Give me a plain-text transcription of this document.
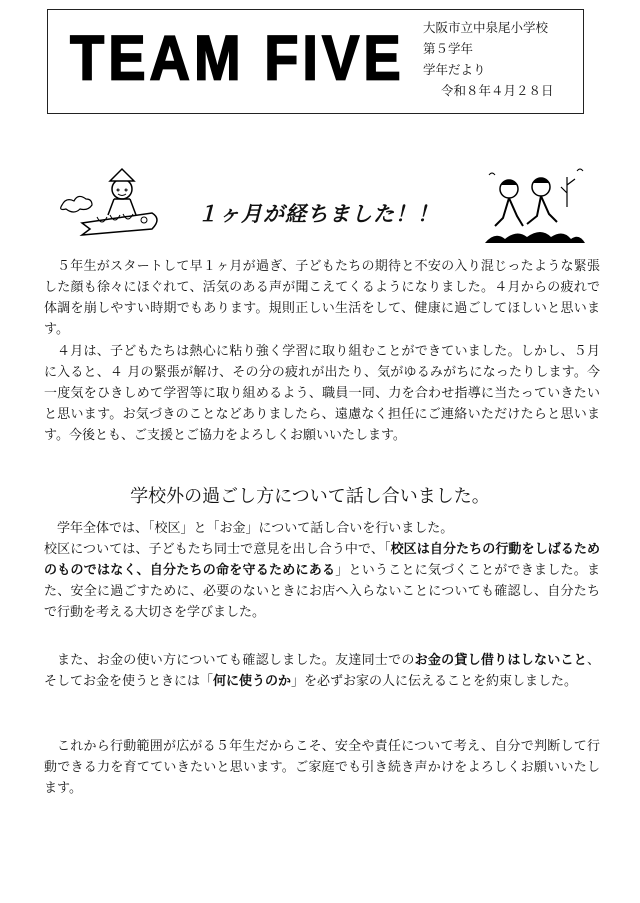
TEAM FIVE	大阪市立中泉尾小学校
第５学年
学年だより
令和８年４月２８日
１ヶ月が経ちました！！

５年生がスタートして早１ヶ月が過ぎ、子どもたちの期待と不安の入り混じったような緊張した顔も徐々にほぐれて、活気のある声が聞こえてくるようになりました。４月からの疲れで体調を崩しやすい時期でもあります。規則正しい生活をして、健康に過ごしてほしいと思います。

４月は、子どもたちは熱心に粘り強く学習に取り組むことができていました。しかし、５月に入ると、４ 月の緊張が解け、その分の疲れが出たり、気がゆるみがちになったりします。今一度気をひきしめて学習等に取り組めるよう、職員一同、力を合わせ指導に当たっていきたいと思います。お気づきのことなどありましたら、遠慮なく担任にご連絡いただけたらと思います。今後とも、ご支援とご協力をよろしくお願いいたします。

学校外の過ごし方について話し合いました。

学年全体では、「校区」と「お金」について話し合いを行いました。
校区については、子どもたち同士で意見を出し合う中で、「校区は自分たちの行動をしばるためのものではなく、自分たちの命を守るためにある」ということに気づくことができました。また、安全に過ごすために、必要のないときにお店へ入らないことについても確認し、自分たちで行動を考える大切さを学びました。

また、お金の使い方についても確認しました。友達同士でのお金の貸し借りはしないこと、そしてお金を使うときには「何に使うのか」を必ずお家の人に伝えることを約束しました。

これから行動範囲が広がる５年生だからこそ、安全や責任について考え、自分で判断して行動できる力を育てていきたいと思います。ご家庭でも引き続き声かけをよろしくお願いいたします。
